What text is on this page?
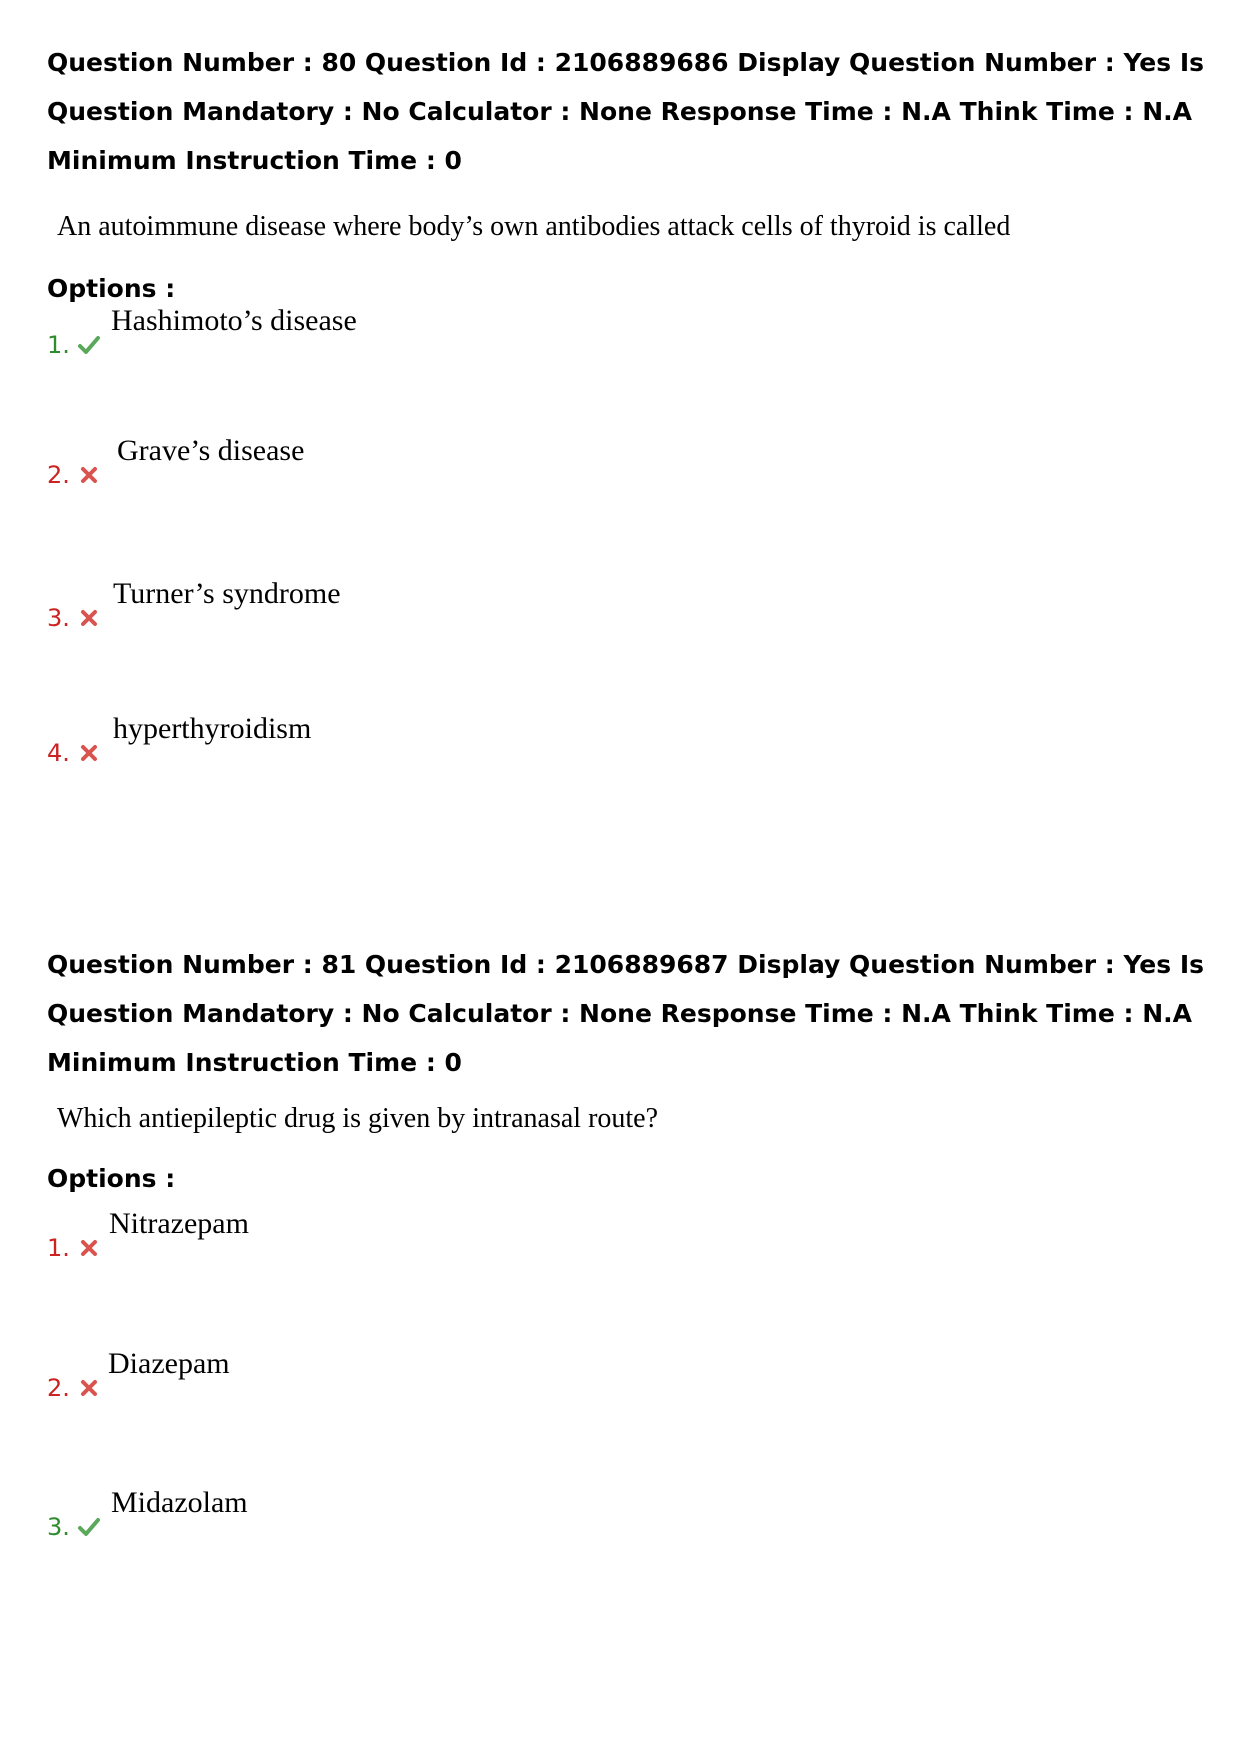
Question Number : 80 Question Id : 2106889686 Display Question Number : Yes Is Question Mandatory : No Calculator : None Response Time : N.A Think Time : N.A Minimum Instruction Time : 0

An autoimmune disease where body’s own antibodies attack cells of thyroid is called

Options :

1.
Hashimoto’s disease
2.
Grave’s disease
3.
Turner’s syndrome
4.
hyperthyroidism

Question Number : 81 Question Id : 2106889687 Display Question Number : Yes Is Question Mandatory : No Calculator : None Response Time : N.A Think Time : N.A Minimum Instruction Time : 0

Which antiepileptic drug is given by intranasal route?

Options :

1.
Nitrazepam
2.
Diazepam
3.
Midazolam
